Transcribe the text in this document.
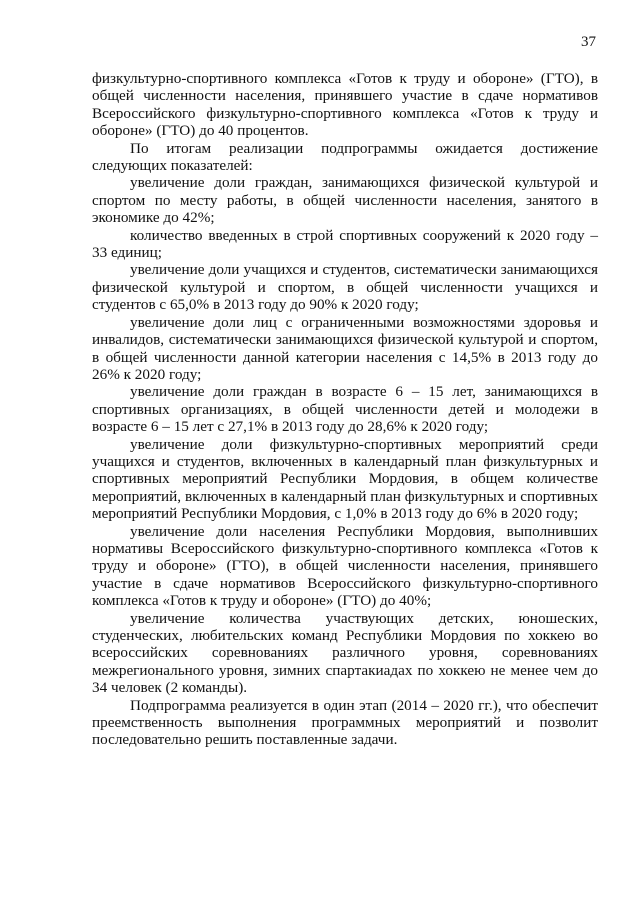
37

физкультурно-спортивного комплекса «Готов к труду и обороне» (ГТО), в общей численности населения, принявшего участие в сдаче нормативов Всероссийского физкультурно-спортивного комплекса «Готов к труду и обороне» (ГТО) до 40 процентов.

По итогам реализации подпрограммы ожидается достижение следующих показателей:

увеличение доли граждан, занимающихся физической культурой и спортом по месту работы, в общей численности населения, занятого в экономике до 42%;

количество введенных в строй спортивных сооружений к 2020 году – 33 единиц;

увеличение доли учащихся и студентов, систематически занимающихся физической культурой и спортом, в общей численности учащихся и студентов с 65,0% в 2013 году до 90% к 2020 году;

увеличение доли лиц с ограниченными возможностями здоровья и инвалидов, систематически занимающихся физической культурой и спортом, в общей численности данной категории населения с 14,5% в 2013 году до 26% к 2020 году;

увеличение доли граждан в возрасте 6 – 15 лет, занимающихся в спортивных организациях, в общей численности детей и молодежи в возрасте 6 – 15 лет с 27,1% в 2013 году до 28,6% к 2020 году;

увеличение доли физкультурно-спортивных мероприятий среди учащихся и студентов, включенных в календарный план физкультурных и спортивных мероприятий Республики Мордовия, в общем количестве мероприятий, включенных в календарный план физкультурных и спортивных мероприятий Республики Мордовия, с 1,0% в 2013 году до 6% в 2020 году;

увеличение доли населения Республики Мордовия, выполнивших нормативы Всероссийского физкультурно-спортивного комплекса «Готов к труду и обороне» (ГТО), в общей численности населения, принявшего участие в сдаче нормативов Всероссийского физкультурно-спортивного комплекса «Готов к труду и обороне» (ГТО) до 40%;

увеличение количества участвующих детских, юношеских, студенческих, любительских команд Республики Мордовия по хоккею во всероссийских соревнованиях различного уровня, соревнованиях межрегионального уровня, зимних спартакиадах по хоккею не менее чем до 34 человек (2 команды).

Подпрограмма реализуется в один этап (2014 – 2020 гг.), что обеспечит преемственность выполнения программных мероприятий и позволит последовательно решить поставленные задачи.
